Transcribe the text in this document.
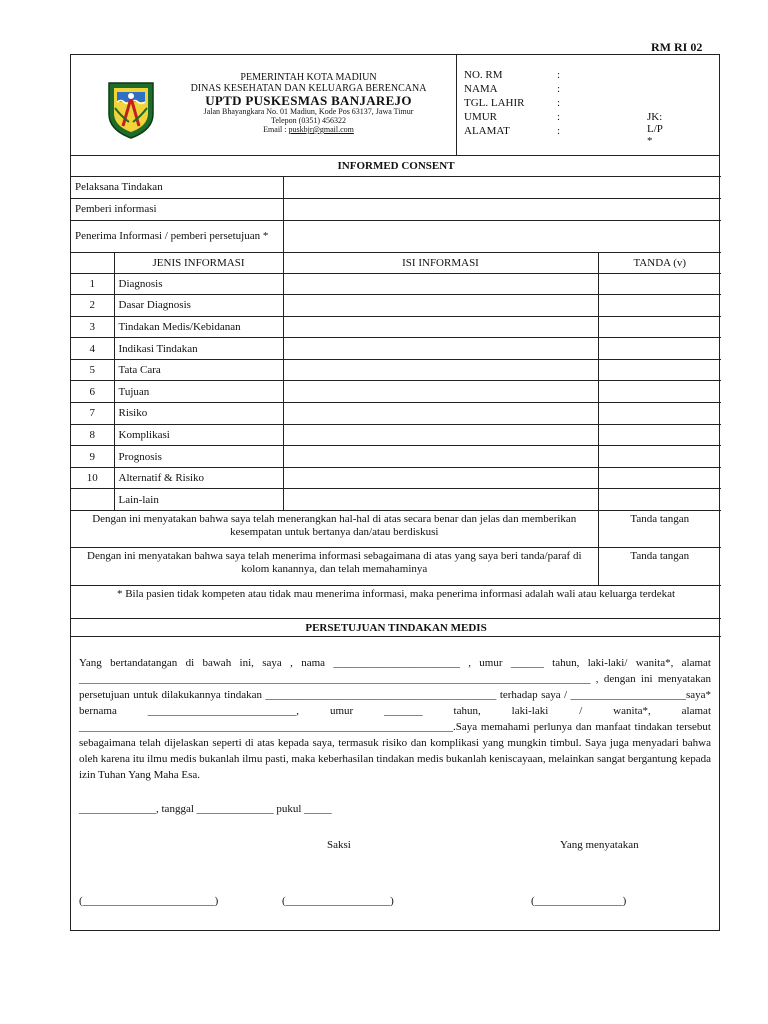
RM RI 02
PEMERINTAH KOTA MADIUN
DINAS KESEHATAN DAN KELUARGA BERENCANA
UPTD PUSKESMAS BANJAREJO
Jalan Bhayangkara No. 01 Madiun, Kode Pos 63137, Jawa Timur
Telepon (0351) 456322
Email : puskbjr@gmail.com
NO. RM	:
NAMA	:
TGL. LAHIR	:
UMUR	:	JK: L/P *
ALAMAT	:
INFORMED CONSENT			
Pelaksana Tindakan			
Pemberi informasi			
Penerima Informasi / pemberi persetujuan *			
	JENIS INFORMASI	ISI INFORMASI	TANDA (v)
1	Diagnosis		
2	Dasar Diagnosis		
3	Tindakan Medis/Kebidanan		
4	Indikasi Tindakan		
5	Tata Cara		
6	Tujuan		
7	Risiko		
8	Komplikasi		
9	Prognosis		
10	Alternatif & Risiko		
	Lain-lain		
Dengan ini menyatakan bahwa saya telah menerangkan hal-hal di atas secara benar dan jelas dan memberikan kesempatan untuk bertanya dan/atau berdiskusi			Tanda tangan
Dengan ini menyatakan bahwa saya telah menerima informasi sebagaimana di atas yang saya beri tanda/paraf di kolom kanannya, dan telah memahaminya			Tanda tangan
* Bila pasien tidak kompeten atau tidak mau menerima informasi, maka penerima informasi adalah wali atau keluarga terdekat			
PERSETUJUAN TINDAKAN MEDIS			
Yang bertandatangan di bawah ini, saya , nama _______________________ , umur ______ tahun, laki-laki/ wanita*, alamat _____________________________________________________________________________________________ , dengan ini menyatakan persetujuan untuk dilakukannya tindakan __________________________________________ terhadap saya / _____________________saya* bernama ___________________________, umur _______ tahun, laki-laki / wanita*, alamat ____________________________________________________________________.Saya memahami perlunya dan manfaat tindakan tersebut sebagaimana telah dijelaskan seperti di atas kepada saya, termasuk risiko dan komplikasi yang mungkin timbul. Saya juga menyadari bahwa oleh karena itu ilmu medis bukanlah ilmu pasti, maka keberhasilan tindakan medis bukanlah keniscayaan, melainkan sangat bergantung kepada izin Tuhan Yang Maha Esa.
______________, tanggal ______________ pukul _____
Saksi	Yang menyatakan
(________________________)	(___________________)	(________________)
